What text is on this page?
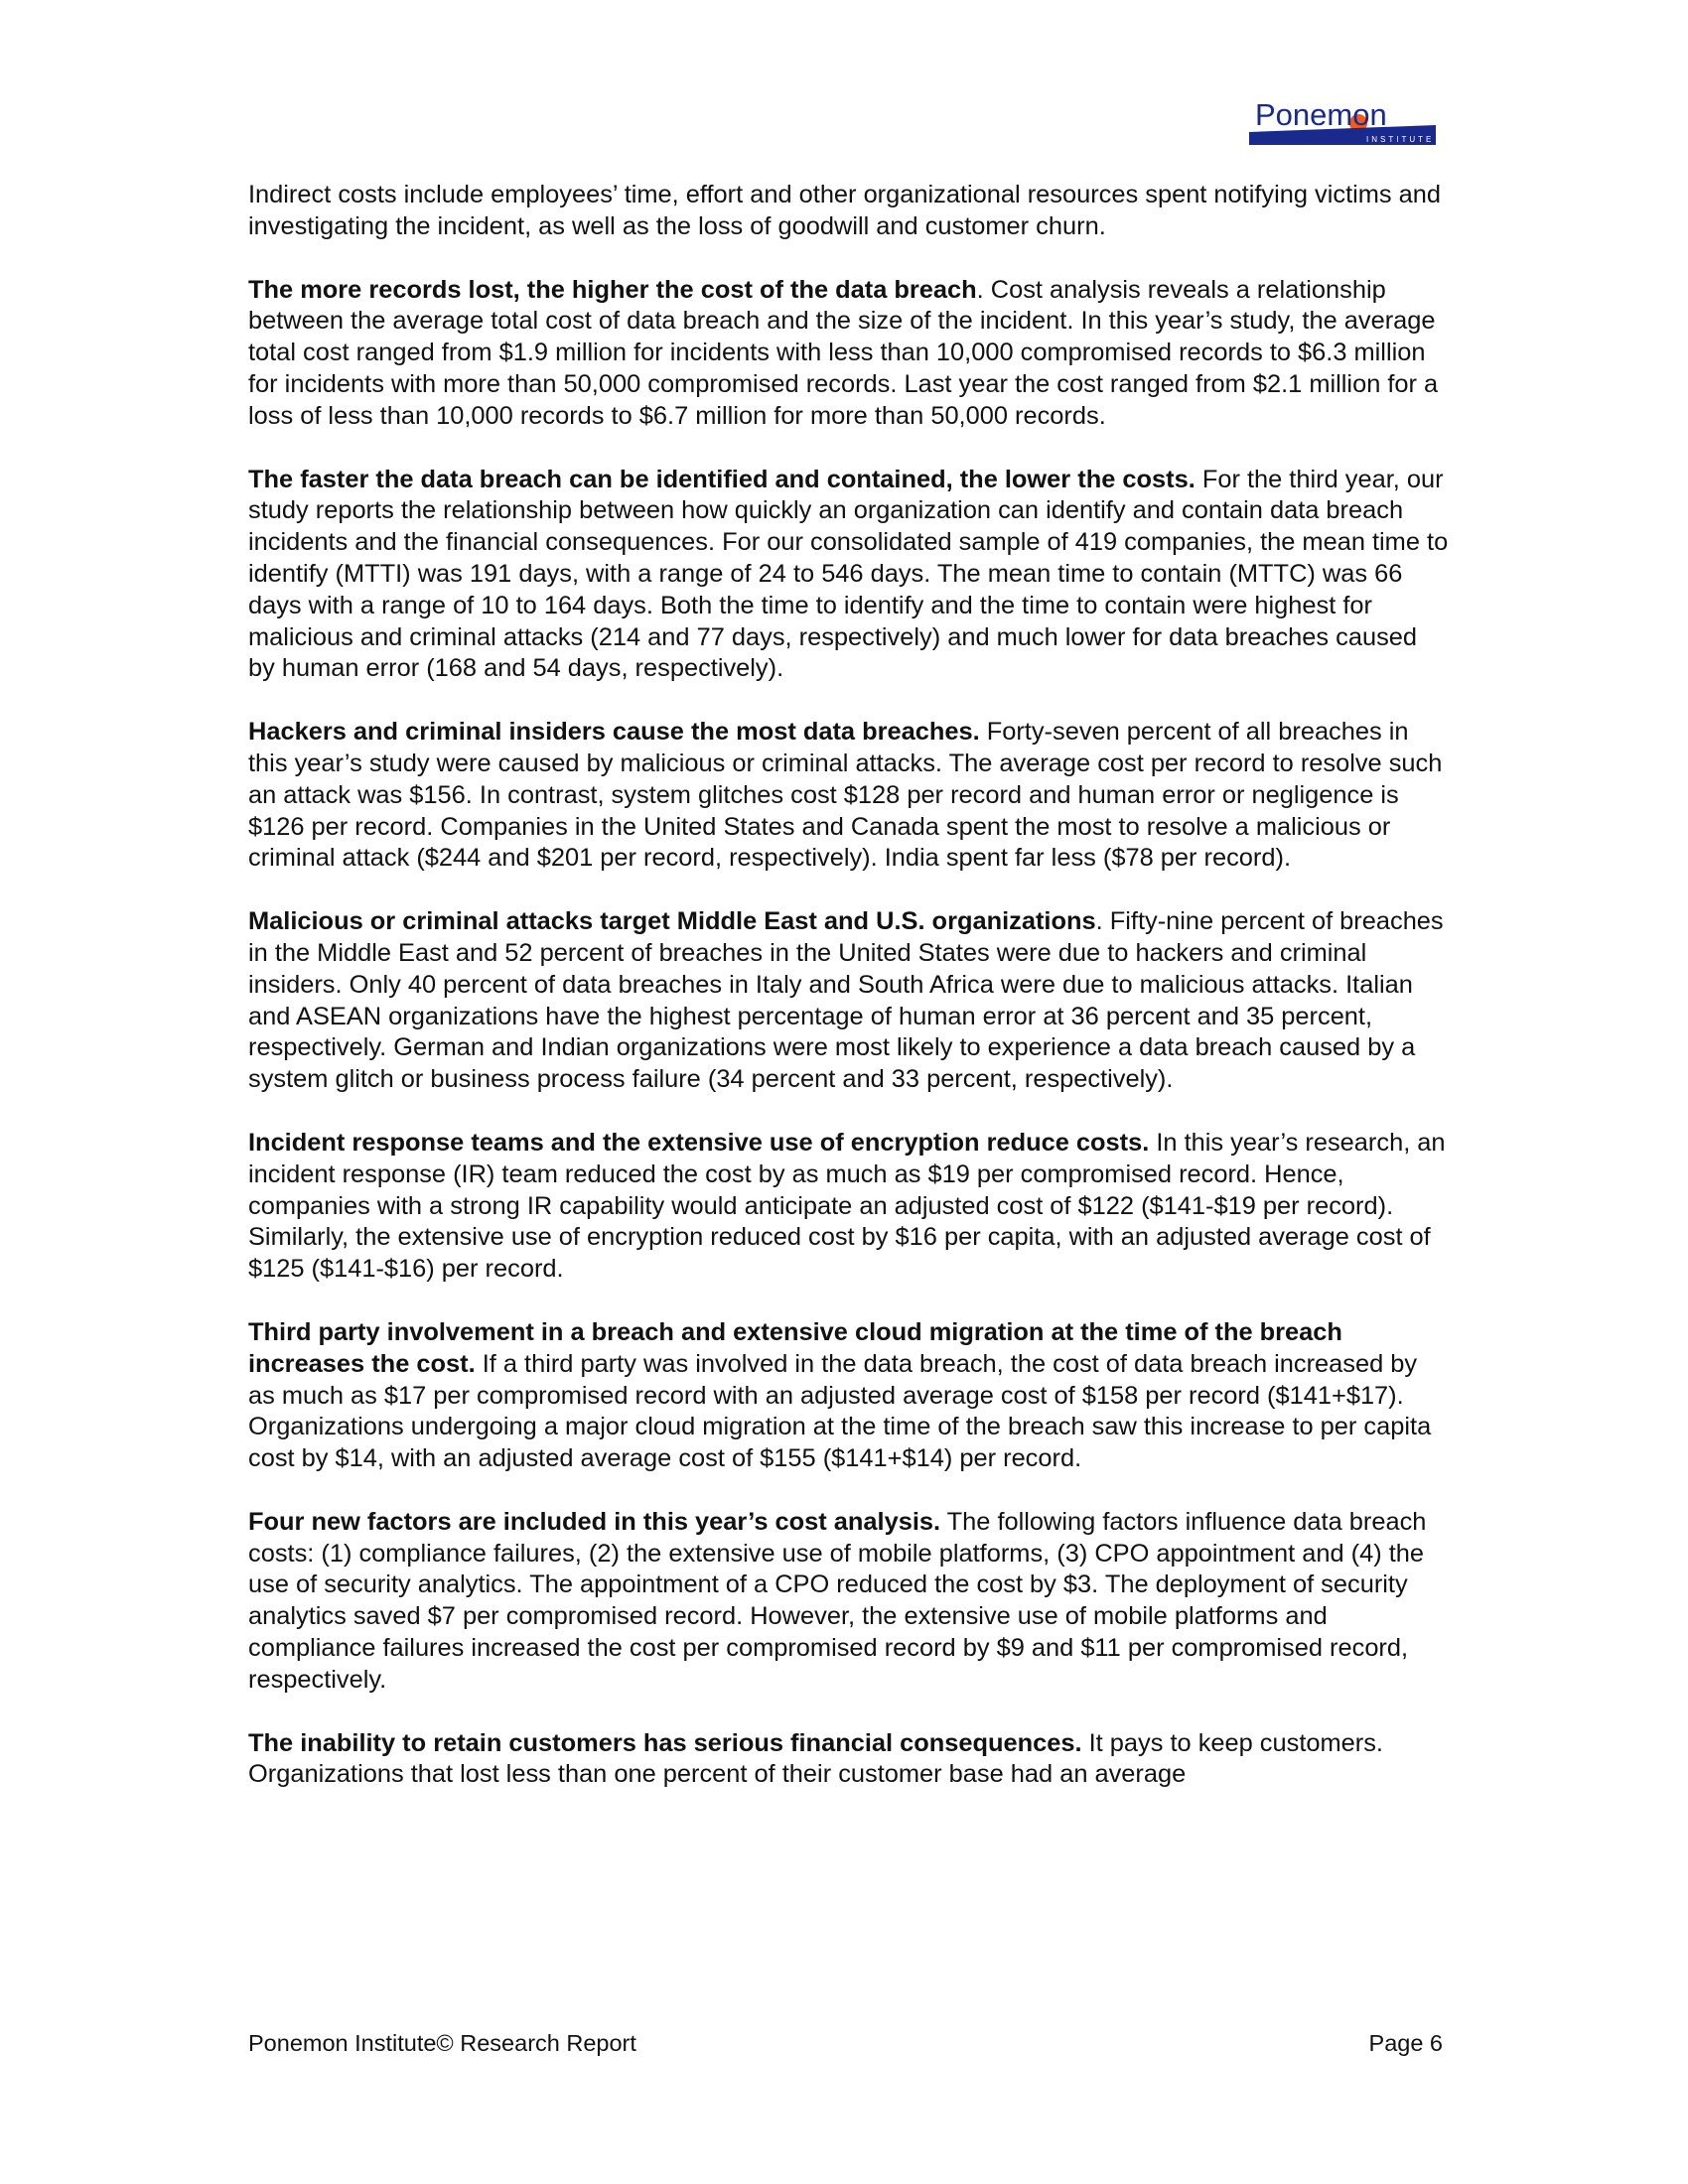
Ponemon
INSTITUTE

Indirect costs include employees’ time, effort and other organizational resources spent notifying victims and investigating the incident, as well as the loss of goodwill and customer churn.

The more records lost, the higher the cost of the data breach. Cost analysis reveals a relationship between the average total cost of data breach and the size of the incident. In this year’s study, the average total cost ranged from $1.9 million for incidents with less than 10,000 compromised records to $6.3 million for incidents with more than 50,000 compromised records. Last year the cost ranged from $2.1 million for a loss of less than 10,000 records to $6.7 million for more than 50,000 records.

The faster the data breach can be identified and contained, the lower the costs. For the third year, our study reports the relationship between how quickly an organization can identify and contain data breach incidents and the financial consequences. For our consolidated sample of 419 companies, the mean time to identify (MTTI) was 191 days, with a range of 24 to 546 days. The mean time to contain (MTTC) was 66 days with a range of 10 to 164 days. Both the time to identify and the time to contain were highest for malicious and criminal attacks (214 and 77 days, respectively) and much lower for data breaches caused by human error (168 and 54 days, respectively).

Hackers and criminal insiders cause the most data breaches. Forty-seven percent of all breaches in this year’s study were caused by malicious or criminal attacks. The average cost per record to resolve such an attack was $156. In contrast, system glitches cost $128 per record and human error or negligence is $126 per record. Companies in the United States and Canada spent the most to resolve a malicious or criminal attack ($244 and $201 per record, respectively). India spent far less ($78 per record).

Malicious or criminal attacks target Middle East and U.S. organizations. Fifty-nine percent of breaches in the Middle East and 52 percent of breaches in the United States were due to hackers and criminal insiders. Only 40 percent of data breaches in Italy and South Africa were due to malicious attacks. Italian and ASEAN organizations have the highest percentage of human error at 36 percent and 35 percent, respectively. German and Indian organizations were most likely to experience a data breach caused by a system glitch or business process failure (34 percent and 33 percent, respectively).

Incident response teams and the extensive use of encryption reduce costs. In this year’s research, an incident response (IR) team reduced the cost by as much as $19 per compromised record. Hence, companies with a strong IR capability would anticipate an adjusted cost of $122 ($141-$19 per record). Similarly, the extensive use of encryption reduced cost by $16 per capita, with an adjusted average cost of $125 ($141-$16) per record.

Third party involvement in a breach and extensive cloud migration at the time of the breach increases the cost. If a third party was involved in the data breach, the cost of data breach increased by as much as $17 per compromised record with an adjusted average cost of $158 per record ($141+$17). Organizations undergoing a major cloud migration at the time of the breach saw this increase to per capita cost by $14, with an adjusted average cost of $155 ($141+$14) per record.

Four new factors are included in this year’s cost analysis. The following factors influence data breach costs: (1) compliance failures, (2) the extensive use of mobile platforms, (3) CPO appointment and (4) the use of security analytics. The appointment of a CPO reduced the cost by $3. The deployment of security analytics saved $7 per compromised record. However, the extensive use of mobile platforms and compliance failures increased the cost per compromised record by $9 and $11 per compromised record, respectively.

The inability to retain customers has serious financial consequences. It pays to keep customers. Organizations that lost less than one percent of their customer base had an average

Ponemon Institute© Research Report	Page 6
